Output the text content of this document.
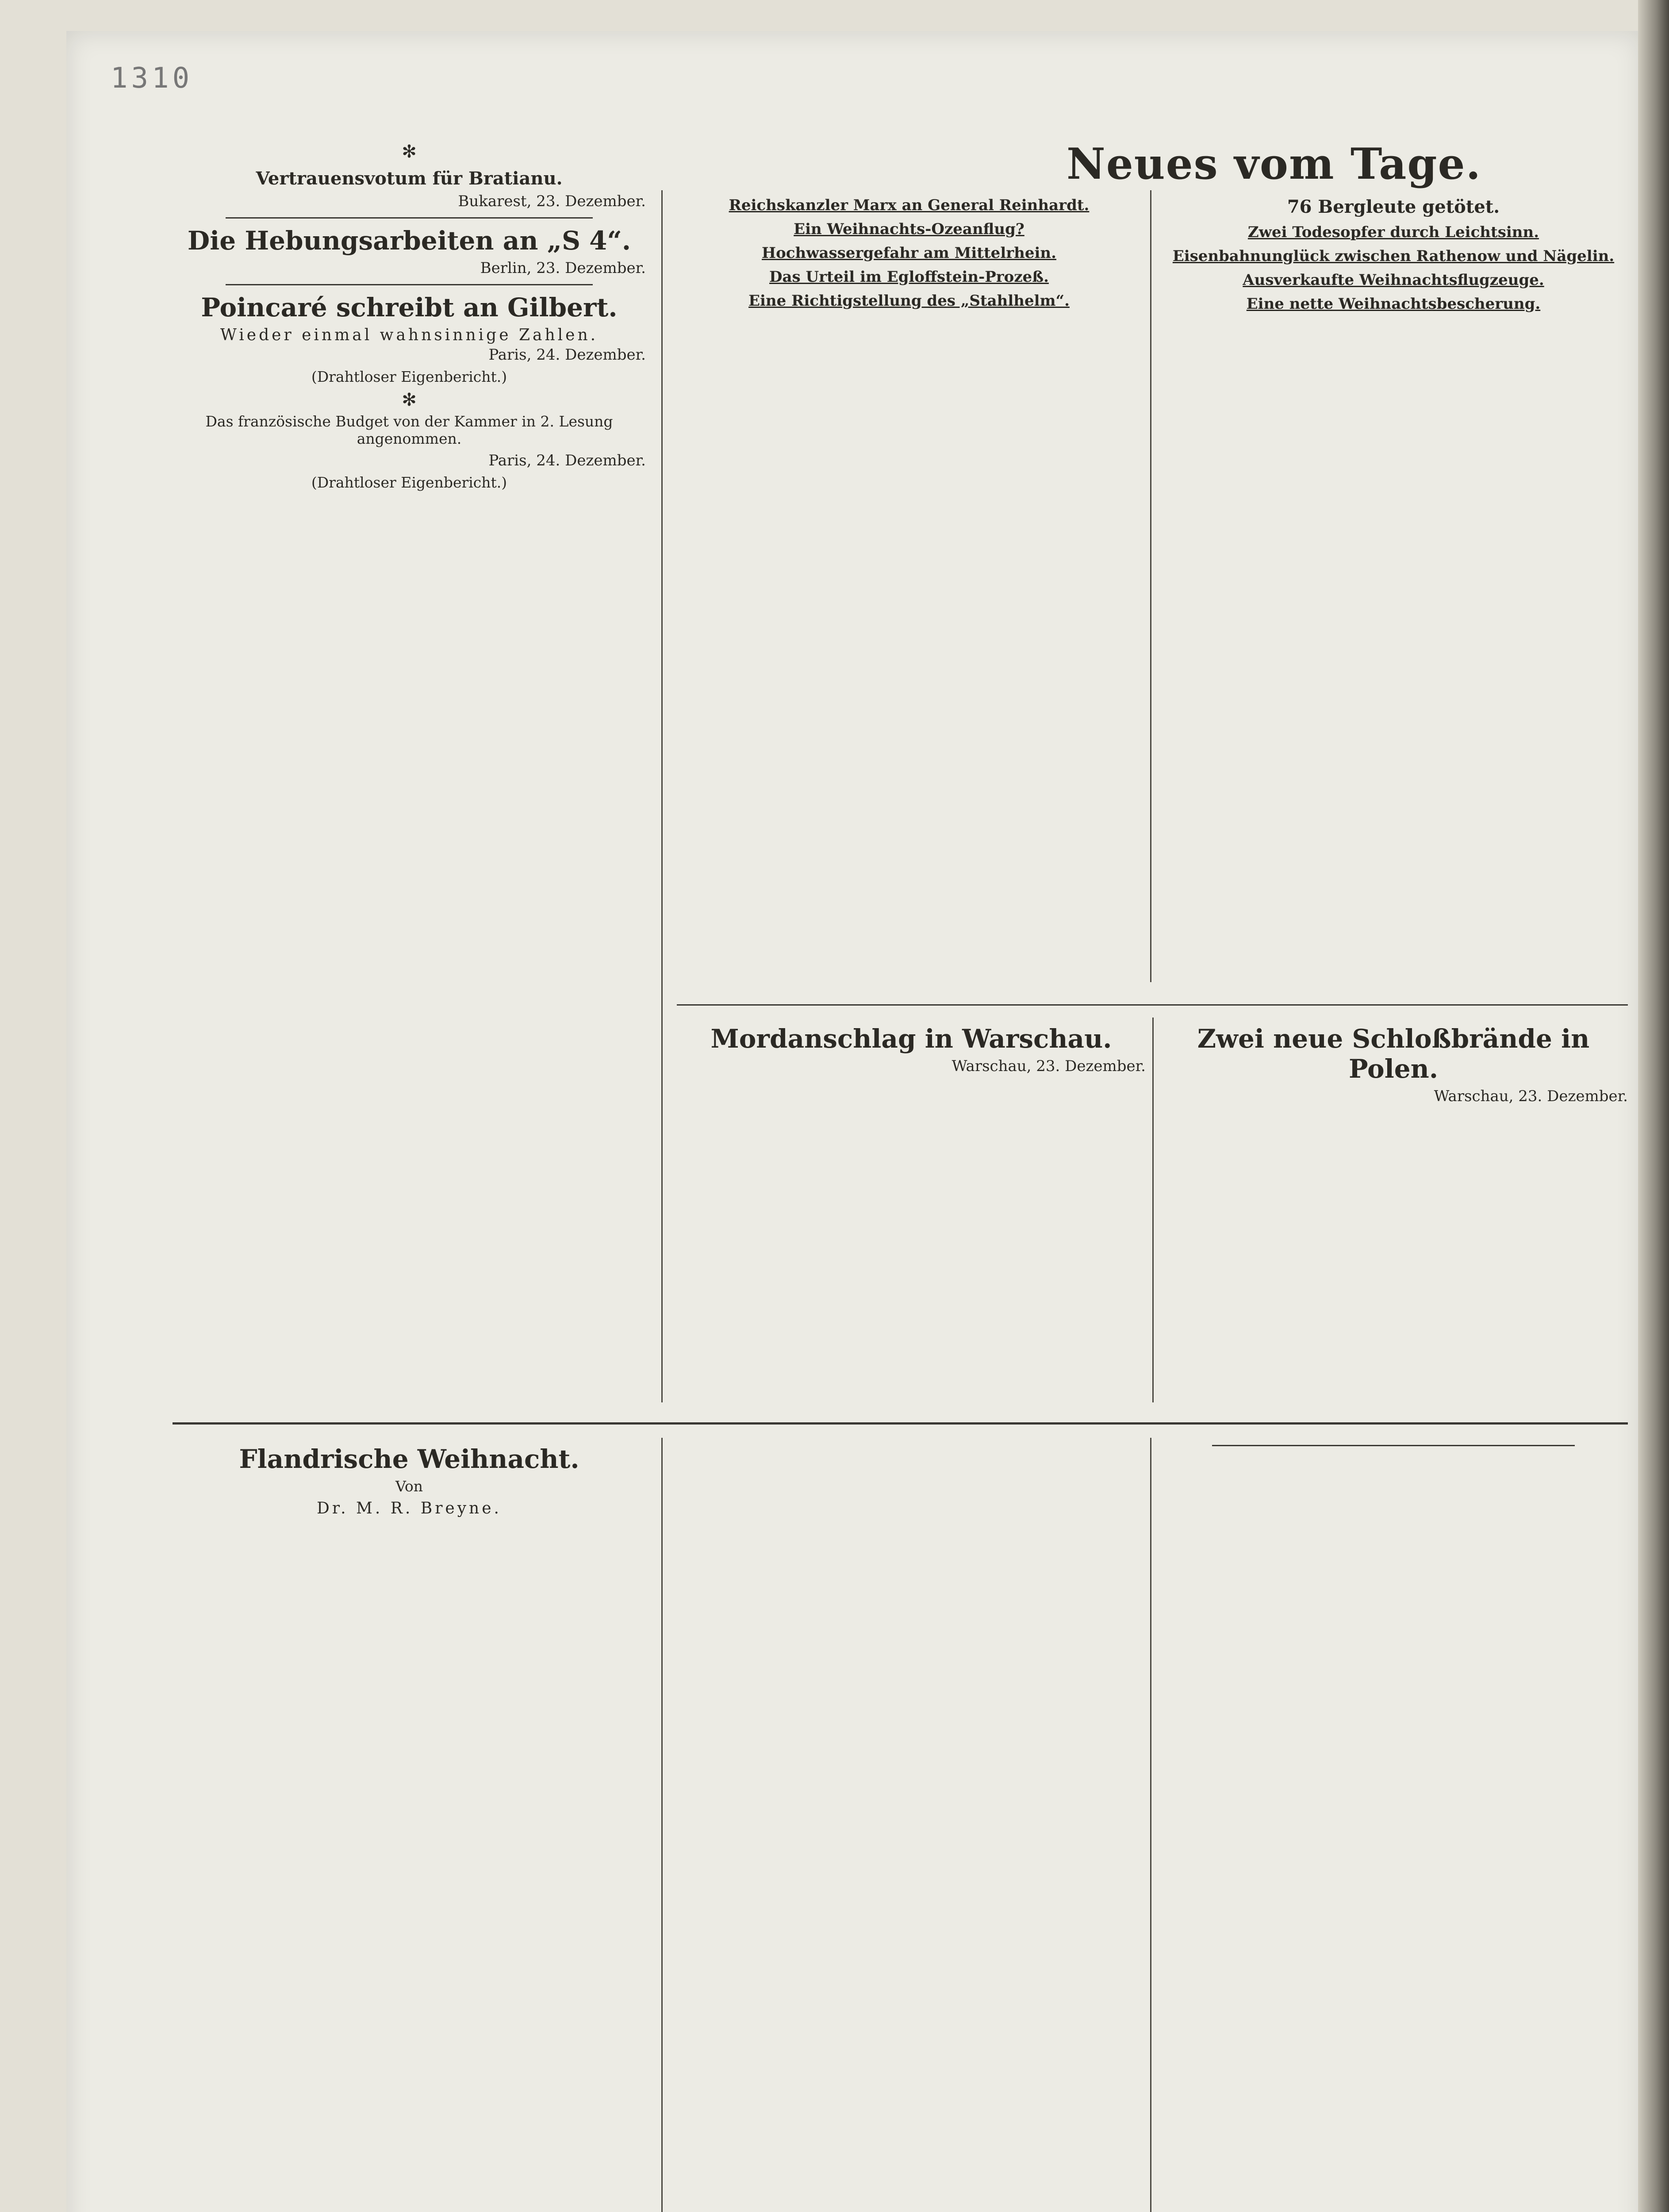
1310

✻
Vertrauensvotum für Bratianu.
Bukarest, 23. Dezember.

Die Hebungsarbeiten an „S 4“.
Berlin, 23. Dezember.

Poincaré schreibt an Gilbert.
Wieder einmal wahnsinnige Zahlen.
Paris, 24. Dezember.
(Drahtloser Eigenbericht.)

✻
Das französische Budget von der Kammer in 2. Lesung angenommen.
Paris, 24. Dezember.
(Drahtloser Eigenbericht.)

Neues vom Tage.
Reichskanzler Marx an General Reinhardt.

Ein Weihnachts-Ozeanflug?

Hochwassergefahr am Mittelrhein.

Das Urteil im Egloffstein-Prozeß.

Eine Richtigstellung des „Stahlhelm“.

76 Bergleute getötet.

Zwei Todesopfer durch Leichtsinn.

Eisenbahnunglück zwischen Rathenow und Nägelin.

Ausverkaufte Weihnachtsflugzeuge.

Eine nette Weihnachtsbescherung.

Mordanschlag in Warschau.
Warschau, 23. Dezember.

Zwei neue Schloßbrände in Polen.
Warschau, 23. Dezember.

Flandrische Weihnacht.
Von
Dr. M. R. Breyne.
